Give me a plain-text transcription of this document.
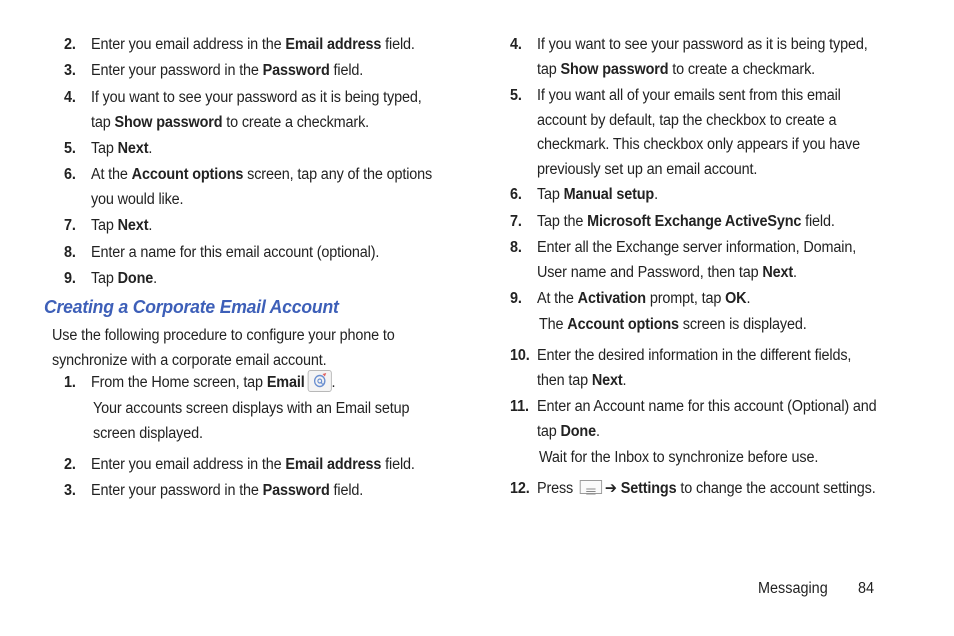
2. Enter you email address in the Email address field.
3. Enter your password in the Password field.
4. If you want to see your password as it is being typed,
tap Show password to create a checkmark.
5. Tap Next.
6. At the Account options screen, tap any of the options
you would like.
7. Tap Next.
8. Enter a name for this email account (optional).
9. Tap Done.
Creating a Corporate Email Account
Use the following procedure to configure your phone to
synchronize with a corporate email account.
1. From the Home screen, tap Email .
Your accounts screen displays with an Email setup
screen displayed.
2. Enter you email address in the Email address field.
3. Enter your password in the Password field.
4. If you want to see your password as it is being typed,
tap Show password to create a checkmark.
5. If you want all of your emails sent from this email
account by default, tap the checkbox to create a
checkmark. This checkbox only appears if you have
previously set up an email account.
6. Tap Manual setup.
7. Tap the Microsoft Exchange ActiveSync field.
8. Enter all the Exchange server information, Domain,
User name and Password, then tap Next.
9. At the Activation prompt, tap OK.
The Account options screen is displayed.
10. Enter the desired information in the different fields,
then tap Next.
11. Enter an Account name for this account (Optional) and
tap Done.
Wait for the Inbox to synchronize before use.
12. Press ➔ Settings to change the account settings.
Messaging 84
